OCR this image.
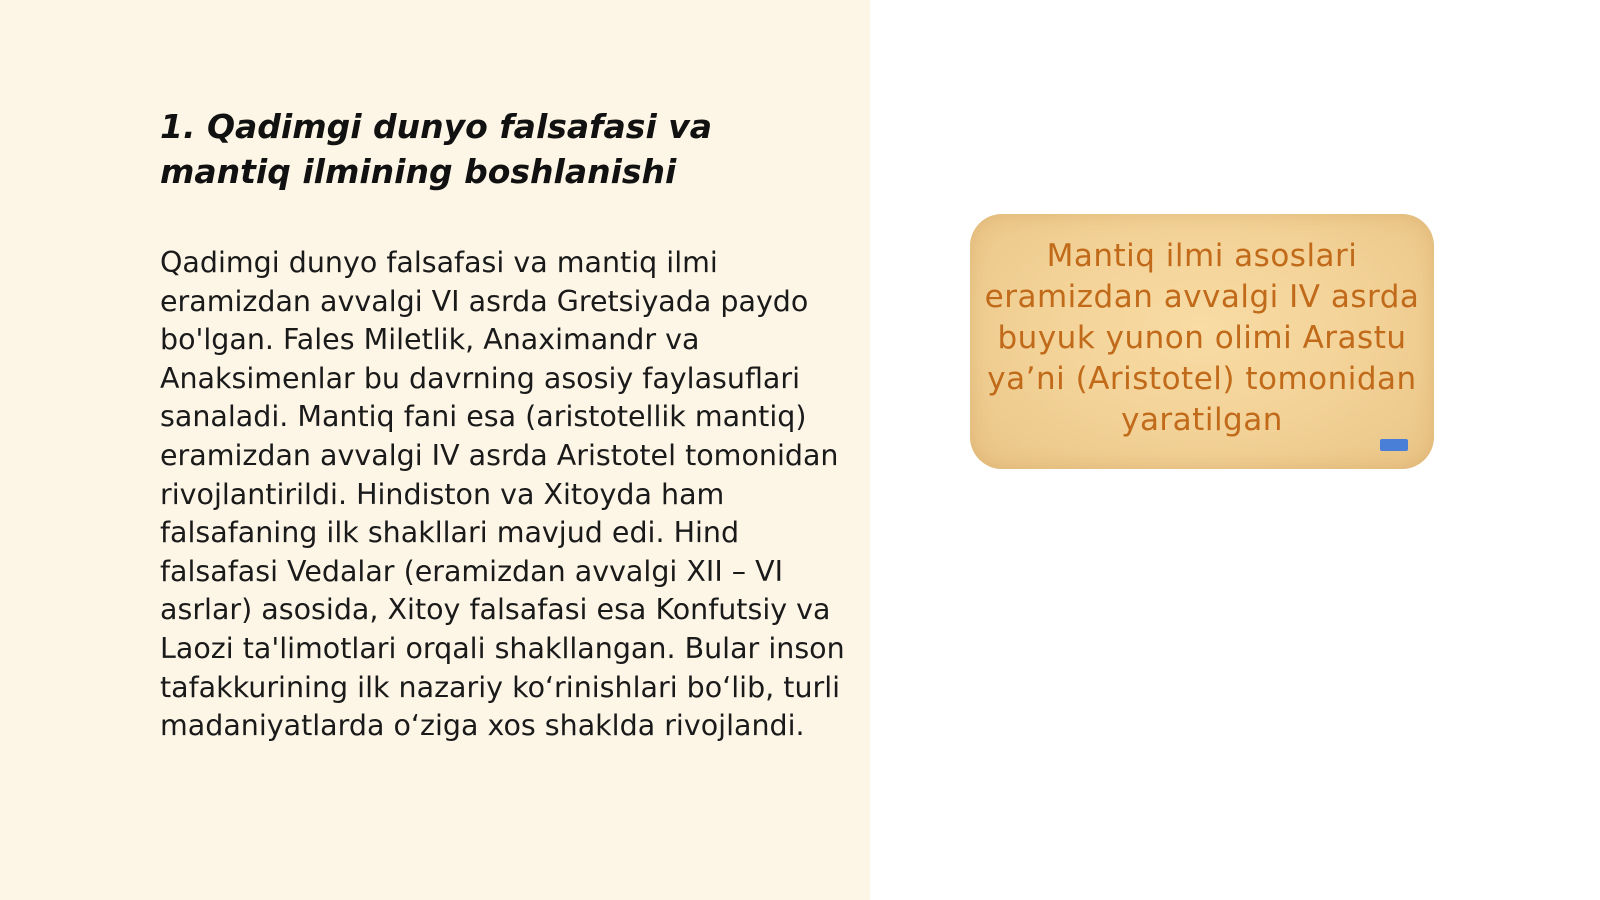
1. Qadimgi dunyo falsafasi va mantiq ilmining boshlanishi

Qadimgi dunyo falsafasi va mantiq ilmi eramizdan avvalgi VI asrda Gretsiyada paydo bo'lgan. Fales Miletlik, Anaximandr va Anaksimenlar bu davrning asosiy faylasuflari sanaladi. Mantiq fani esa (aristotellik mantiq) eramizdan avvalgi IV asrda Aristotel tomonidan rivojlantirildi. Hindiston va Xitoyda ham falsafaning ilk shakllari mavjud edi. Hind falsafasi Vedalar (eramizdan avvalgi XII – VI asrlar) asosida, Xitoy falsafasi esa Konfutsiy va Laozi ta'limotlari orqali shakllangan. Bular inson tafakkurining ilk nazariy ko‘rinishlari bo‘lib, turli madaniyatlarda o‘ziga xos shaklda rivojlandi.

Mantiq ilmi asoslari eramizdan avvalgi IV asrda buyuk yunon olimi Arastu ya’ni (Aristotel) tomonidan yaratilgan
